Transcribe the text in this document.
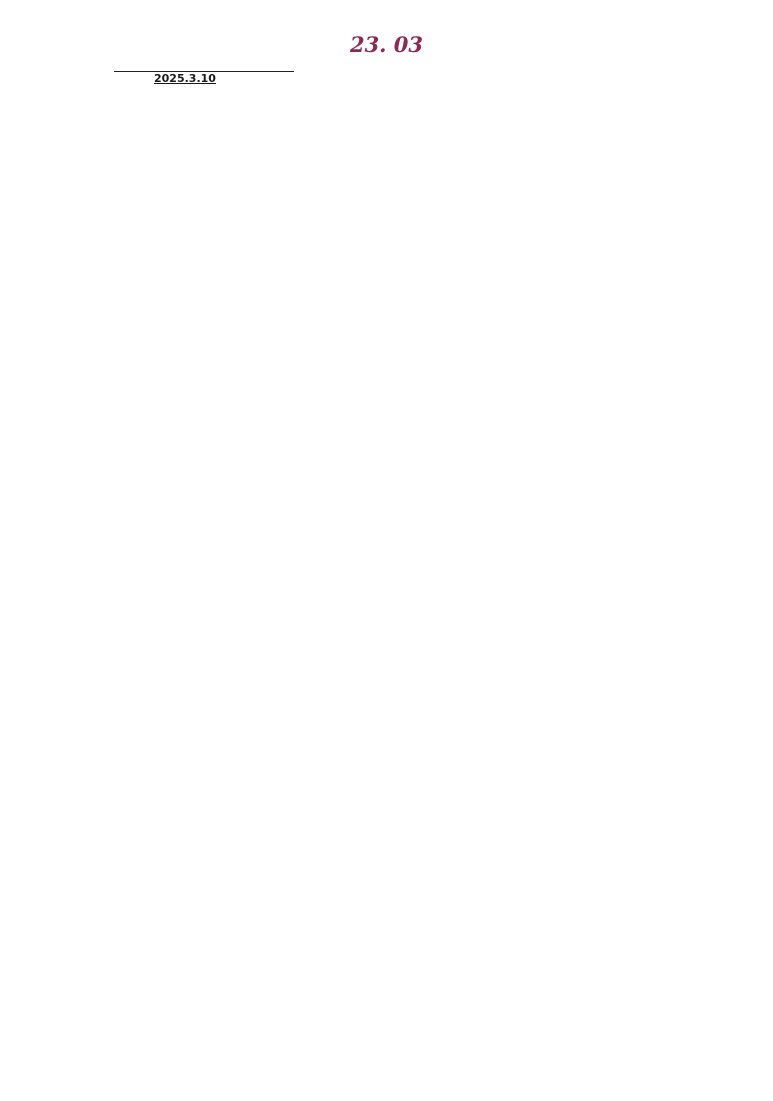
23. 03
2025.3.10
